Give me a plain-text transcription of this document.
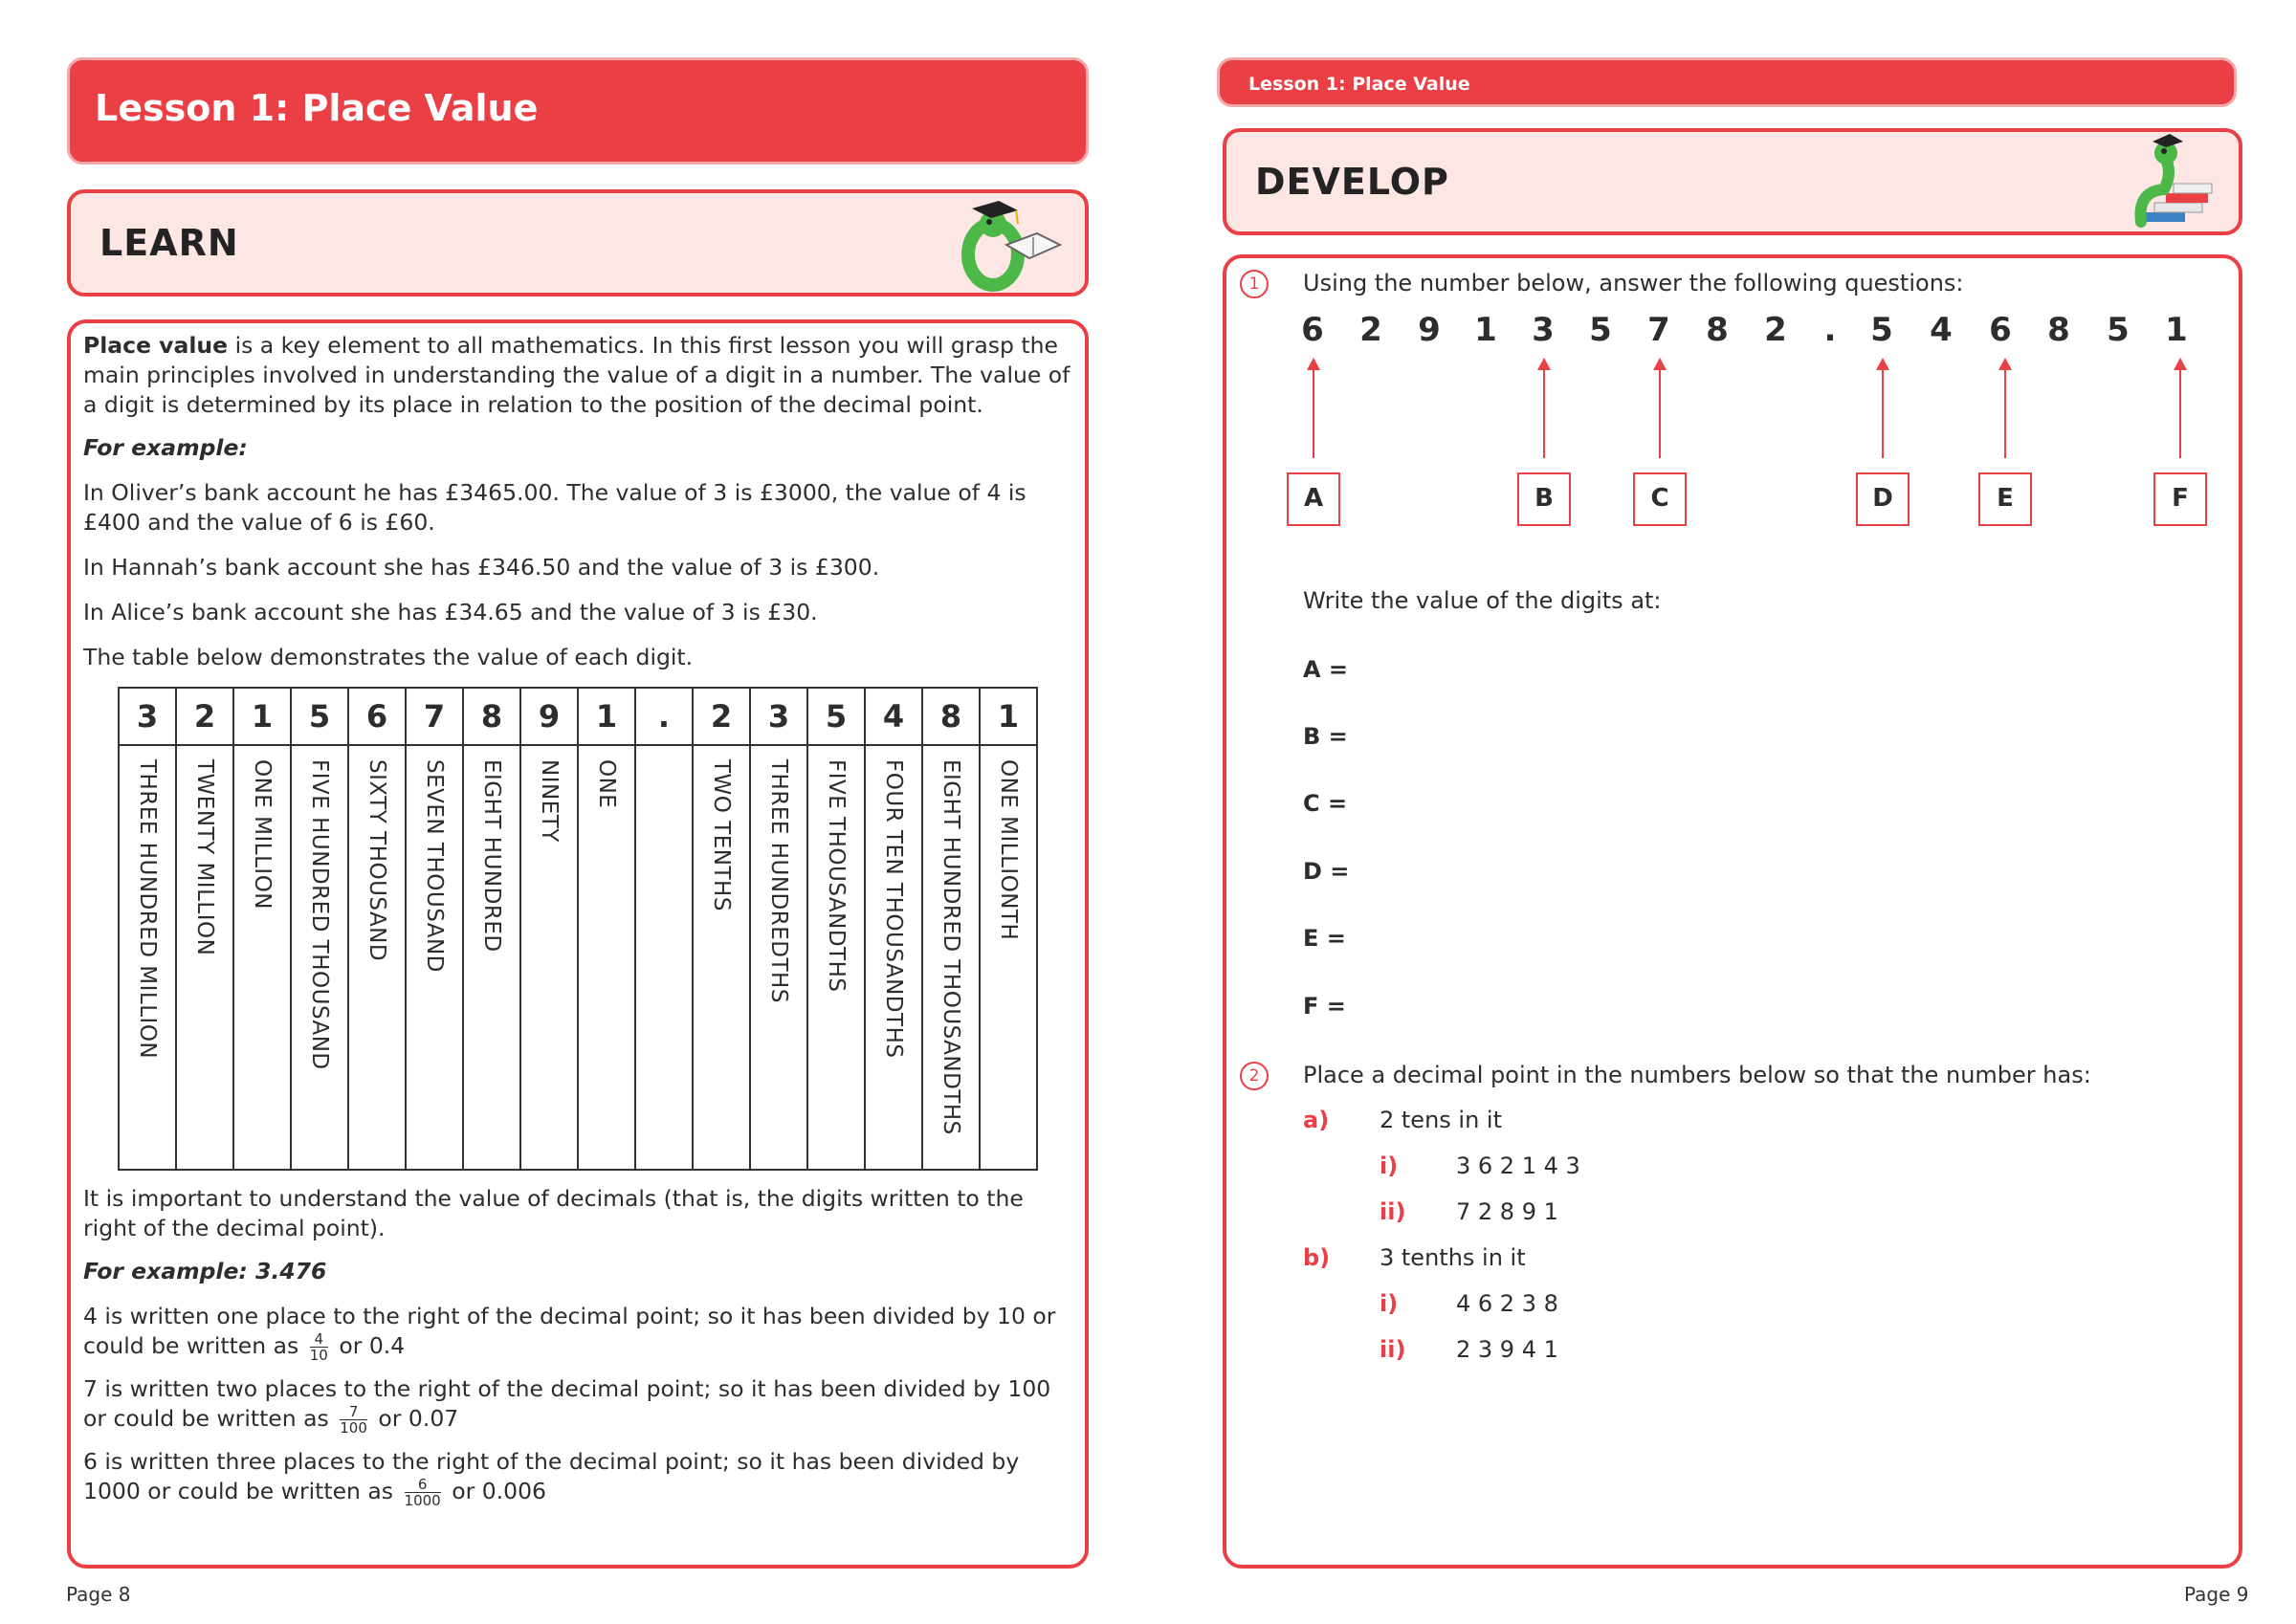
Lesson 1: Place Value
LEARN

Place value is a key element to all mathematics. In this first lesson you will grasp the main principles involved in understanding the value of a digit in a number. The value of a digit is determined by its place in relation to the position of the decimal point.

For example:

In Oliver’s bank account he has £3465.00. The value of 3 is £3000, the value of 4 is £400 and the value of 6 is £60.

In Hannah’s bank account she has £346.50 and the value of 3 is £300.

In Alice’s bank account she has £34.65 and the value of 3 is £30.

The table below demonstrates the value of each digit.

3	2	1	5	6	7	8	9	1	.	2	3	5	4	8	1

THREE HUNDRED MILLION	TWENTY MILLION	ONE MILLION	FIVE HUNDRED THOUSAND	SIXTY THOUSAND	SEVEN THOUSAND	EIGHT HUNDRED	NINETY	ONE		TWO TENTHS	THREE HUNDREDTHS	FIVE THOUSANDTHS	FOUR TEN THOUSANDTHS	EIGHT HUNDRED THOUSANDTHS	ONE MILLIONTH

It is important to understand the value of decimals (that is, the digits written to the right of the decimal point).

For example: 3.476

4 is written one place to the right of the decimal point; so it has been divided by 10 or could be written as $\frac{4}{10}$ or 0.4

7 is written two places to the right of the decimal point; so it has been divided by 100 or could be written as $\frac{7}{100}$ or 0.07

6 is written three places to the right of the decimal point; so it has been divided by 1000 or could be written as $\frac{6}{1000}$ or 0.006

Page 8
Lesson 1: Place Value
DEVELOP
1	Using the number below, answer the following questions:
6 2 9 1 3 5 7 8 2	.	5 4 6 8 5 1
A	B	C	D	E	F
Write the value of the digits at:
A =
B =
C =
D =
E =
F =
2	Place a decimal point in the numbers below so that the number has:
a) 2 tens in it
i)	3 6 2 1 4 3
ii) 7 2 8 9 1
b) 3 tenths in it
i)	4 6 2 3 8
ii) 2 3 9 4 1
Page 9
